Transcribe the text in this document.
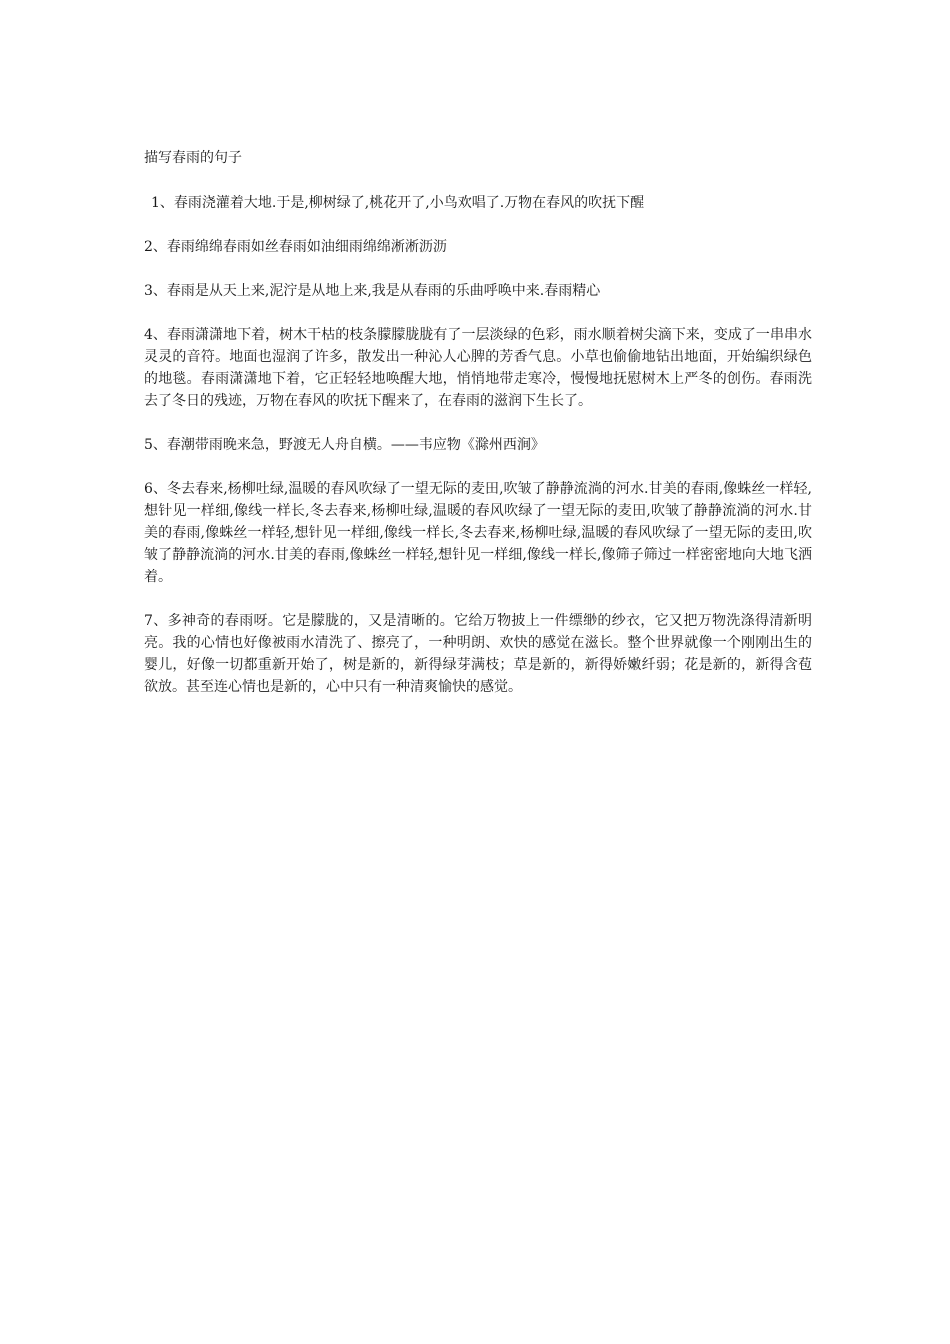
描写春雨的句子

1、春雨浇灌着大地.于是,柳树绿了,桃花开了,小鸟欢唱了.万物在春风的吹抚下醒

2、春雨绵绵春雨如丝春雨如油细雨绵绵淅淅沥沥

3、春雨是从天上来,泥泞是从地上来,我是从春雨的乐曲呼唤中来.春雨精心

4、春雨潇潇地下着，树木干枯的枝条朦朦胧胧有了一层淡绿的色彩，雨水顺着树尖滴下来，变成了一串串水灵灵的音符。地面也湿润了许多，散发出一种沁人心脾的芳香气息。小草也偷偷地钻出地面，开始编织绿色的地毯。春雨潇潇地下着，它正轻轻地唤醒大地，悄悄地带走寒冷，慢慢地抚慰树木上严冬的创伤。春雨洗去了冬日的残迹，万物在春风的吹抚下醒来了，在春雨的滋润下生长了。

5、春潮带雨晚来急，野渡无人舟自横。——韦应物《滁州西涧》

6、冬去春来,杨柳吐绿,温暖的春风吹绿了一望无际的麦田,吹皱了静静流淌的河水.甘美的春雨,像蛛丝一样轻,想针见一样细,像线一样长,冬去春来,杨柳吐绿,温暖的春风吹绿了一望无际的麦田,吹皱了静静流淌的河水.甘美的春雨,像蛛丝一样轻,想针见一样细,像线一样长,冬去春来,杨柳吐绿,温暖的春风吹绿了一望无际的麦田,吹皱了静静流淌的河水.甘美的春雨,像蛛丝一样轻,想针见一样细,像线一样长,像筛子筛过一样密密地向大地飞洒着。

7、多神奇的春雨呀。它是朦胧的，又是清晰的。它给万物披上一件缥缈的纱衣，它又把万物洗涤得清新明亮。我的心情也好像被雨水清洗了、擦亮了，一种明朗、欢快的感觉在滋长。整个世界就像一个刚刚出生的婴儿，好像一切都重新开始了，树是新的，新得绿芽满枝；草是新的，新得娇嫩纤弱；花是新的，新得含苞欲放。甚至连心情也是新的，心中只有一种清爽愉快的感觉。
